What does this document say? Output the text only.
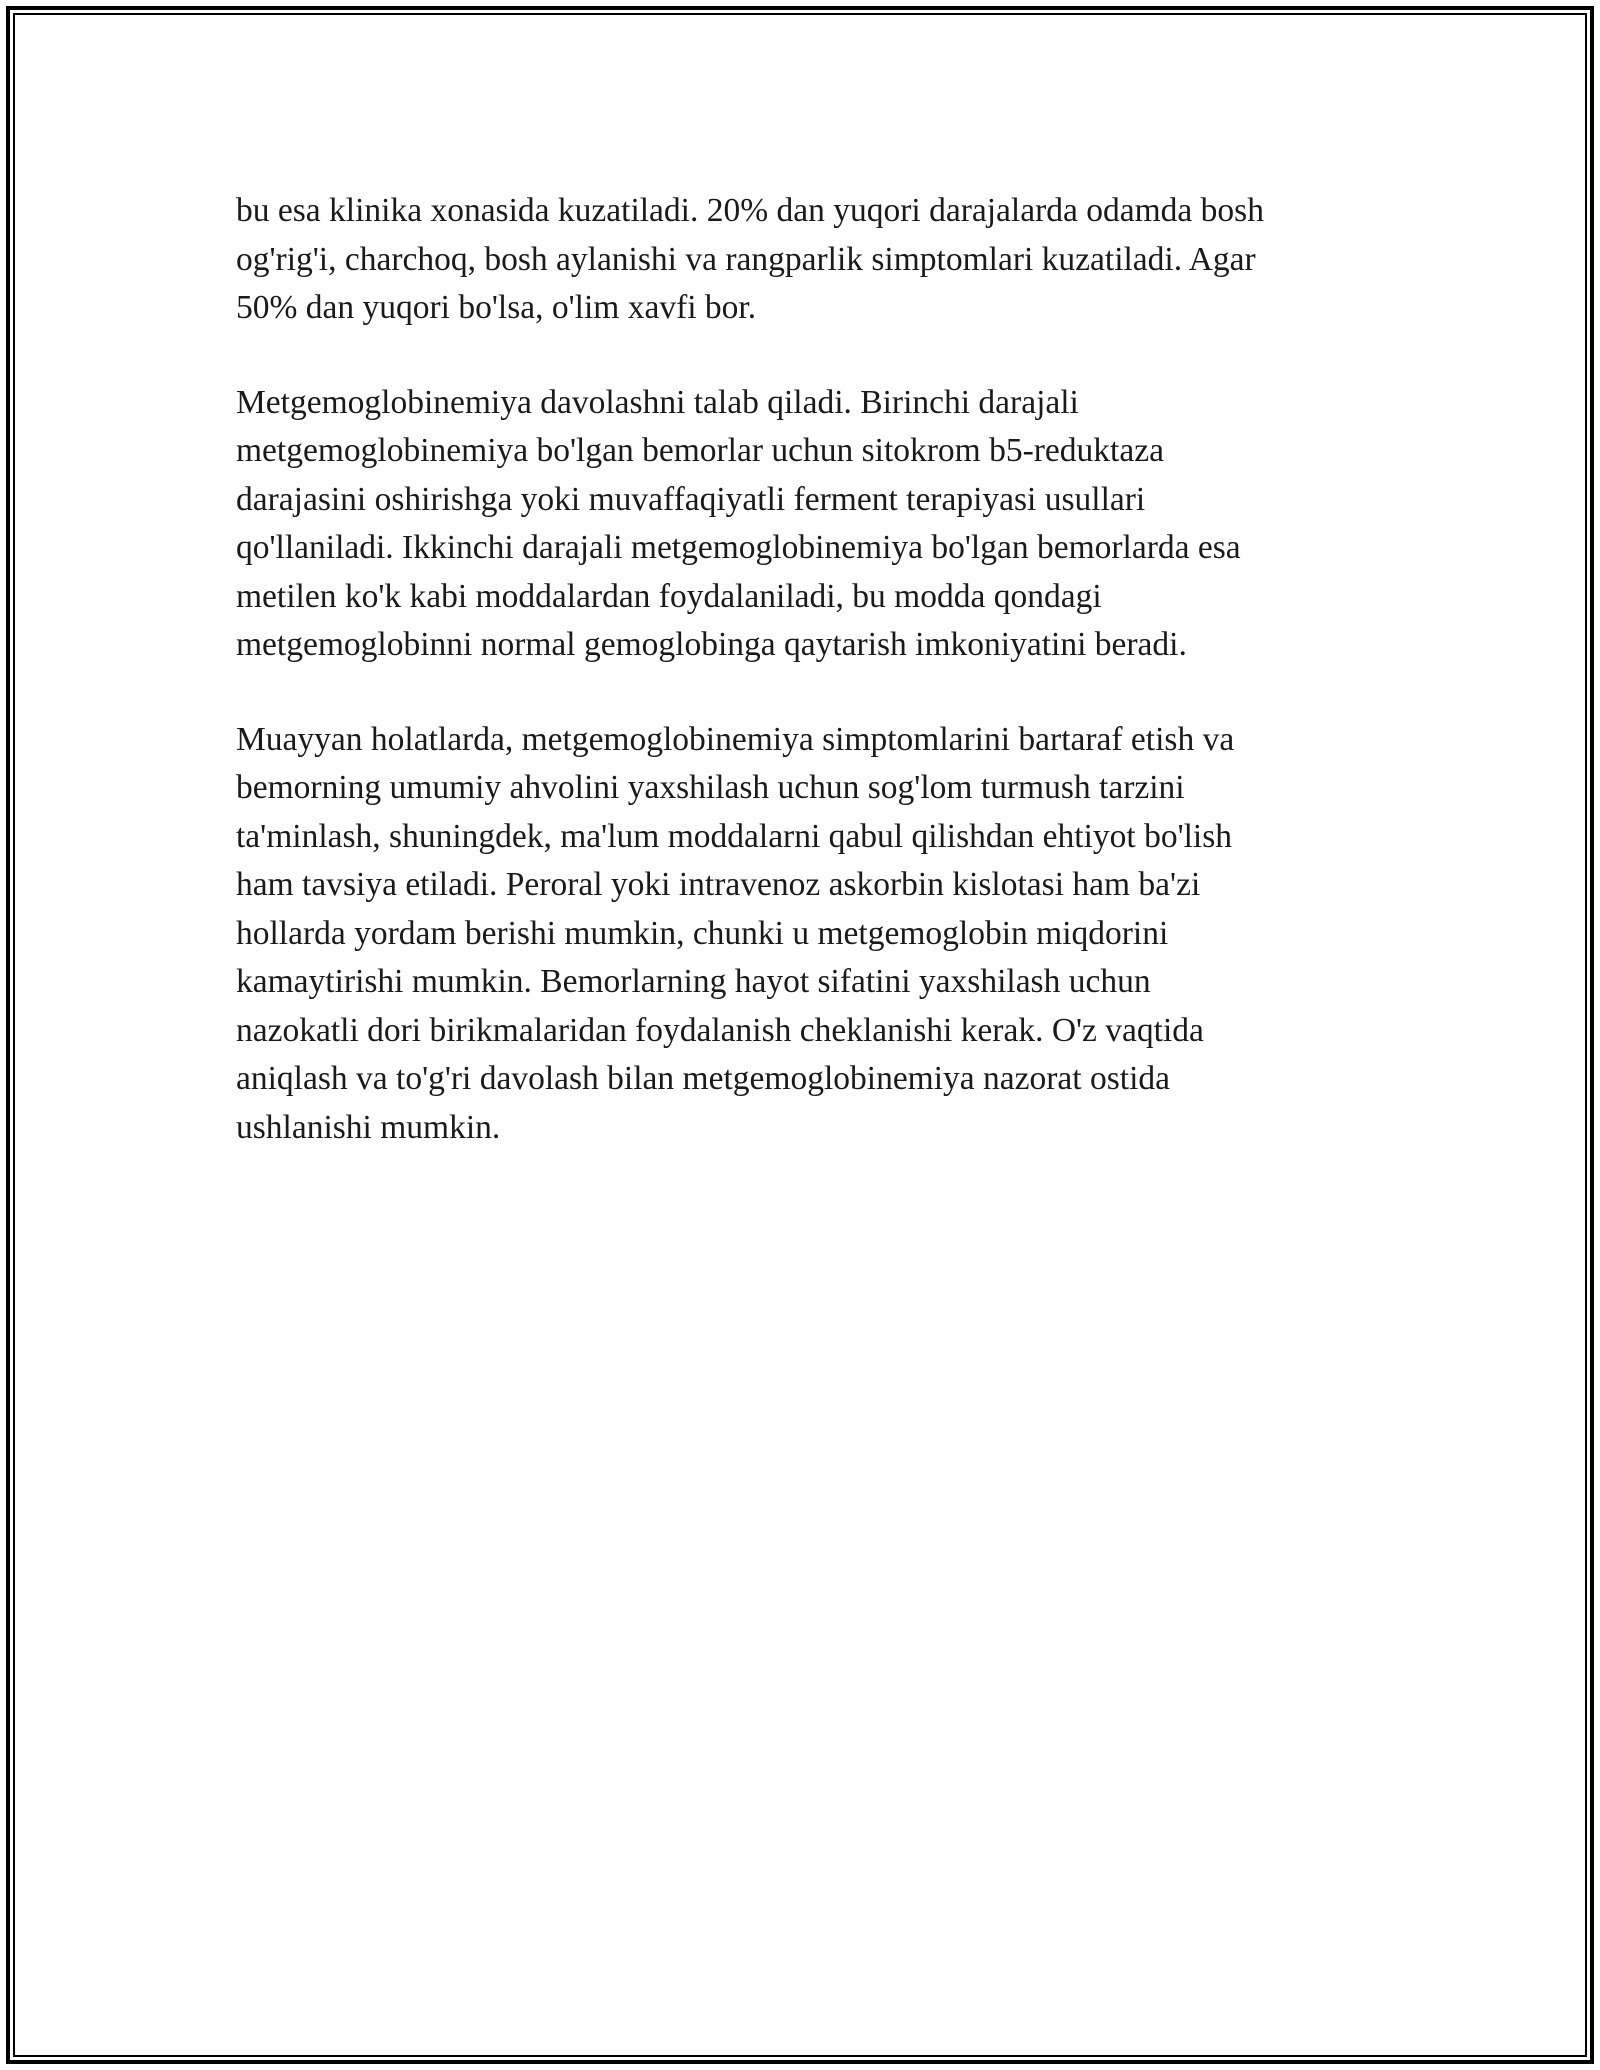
bu esa klinika xonasida kuzatiladi. 20% dan yuqori darajalarda odamda bosh
og'rig'i, charchoq, bosh aylanishi va rangparlik simptomlari kuzatiladi. Agar
50% dan yuqori bo'lsa, o'lim xavfi bor.

Metgemoglobinemiya davolashni talab qiladi. Birinchi darajali
metgemoglobinemiya bo'lgan bemorlar uchun sitokrom b5-reduktaza
darajasini oshirishga yoki muvaffaqiyatli ferment terapiyasi usullari
qo'llaniladi. Ikkinchi darajali metgemoglobinemiya bo'lgan bemorlarda esa
metilen ko'k kabi moddalardan foydalaniladi, bu modda qondagi
metgemoglobinni normal gemoglobinga qaytarish imkoniyatini beradi.

Muayyan holatlarda, metgemoglobinemiya simptomlarini bartaraf etish va
bemorning umumiy ahvolini yaxshilash uchun sog'lom turmush tarzini
ta'minlash, shuningdek, ma'lum moddalarni qabul qilishdan ehtiyot bo'lish
ham tavsiya etiladi. Peroral yoki intravenoz askorbin kislotasi ham ba'zi
hollarda yordam berishi mumkin, chunki u metgemoglobin miqdorini
kamaytirishi mumkin. Bemorlarning hayot sifatini yaxshilash uchun
nazokatli dori birikmalaridan foydalanish cheklanishi kerak. O'z vaqtida
aniqlash va to'g'ri davolash bilan metgemoglobinemiya nazorat ostida
ushlanishi mumkin.
